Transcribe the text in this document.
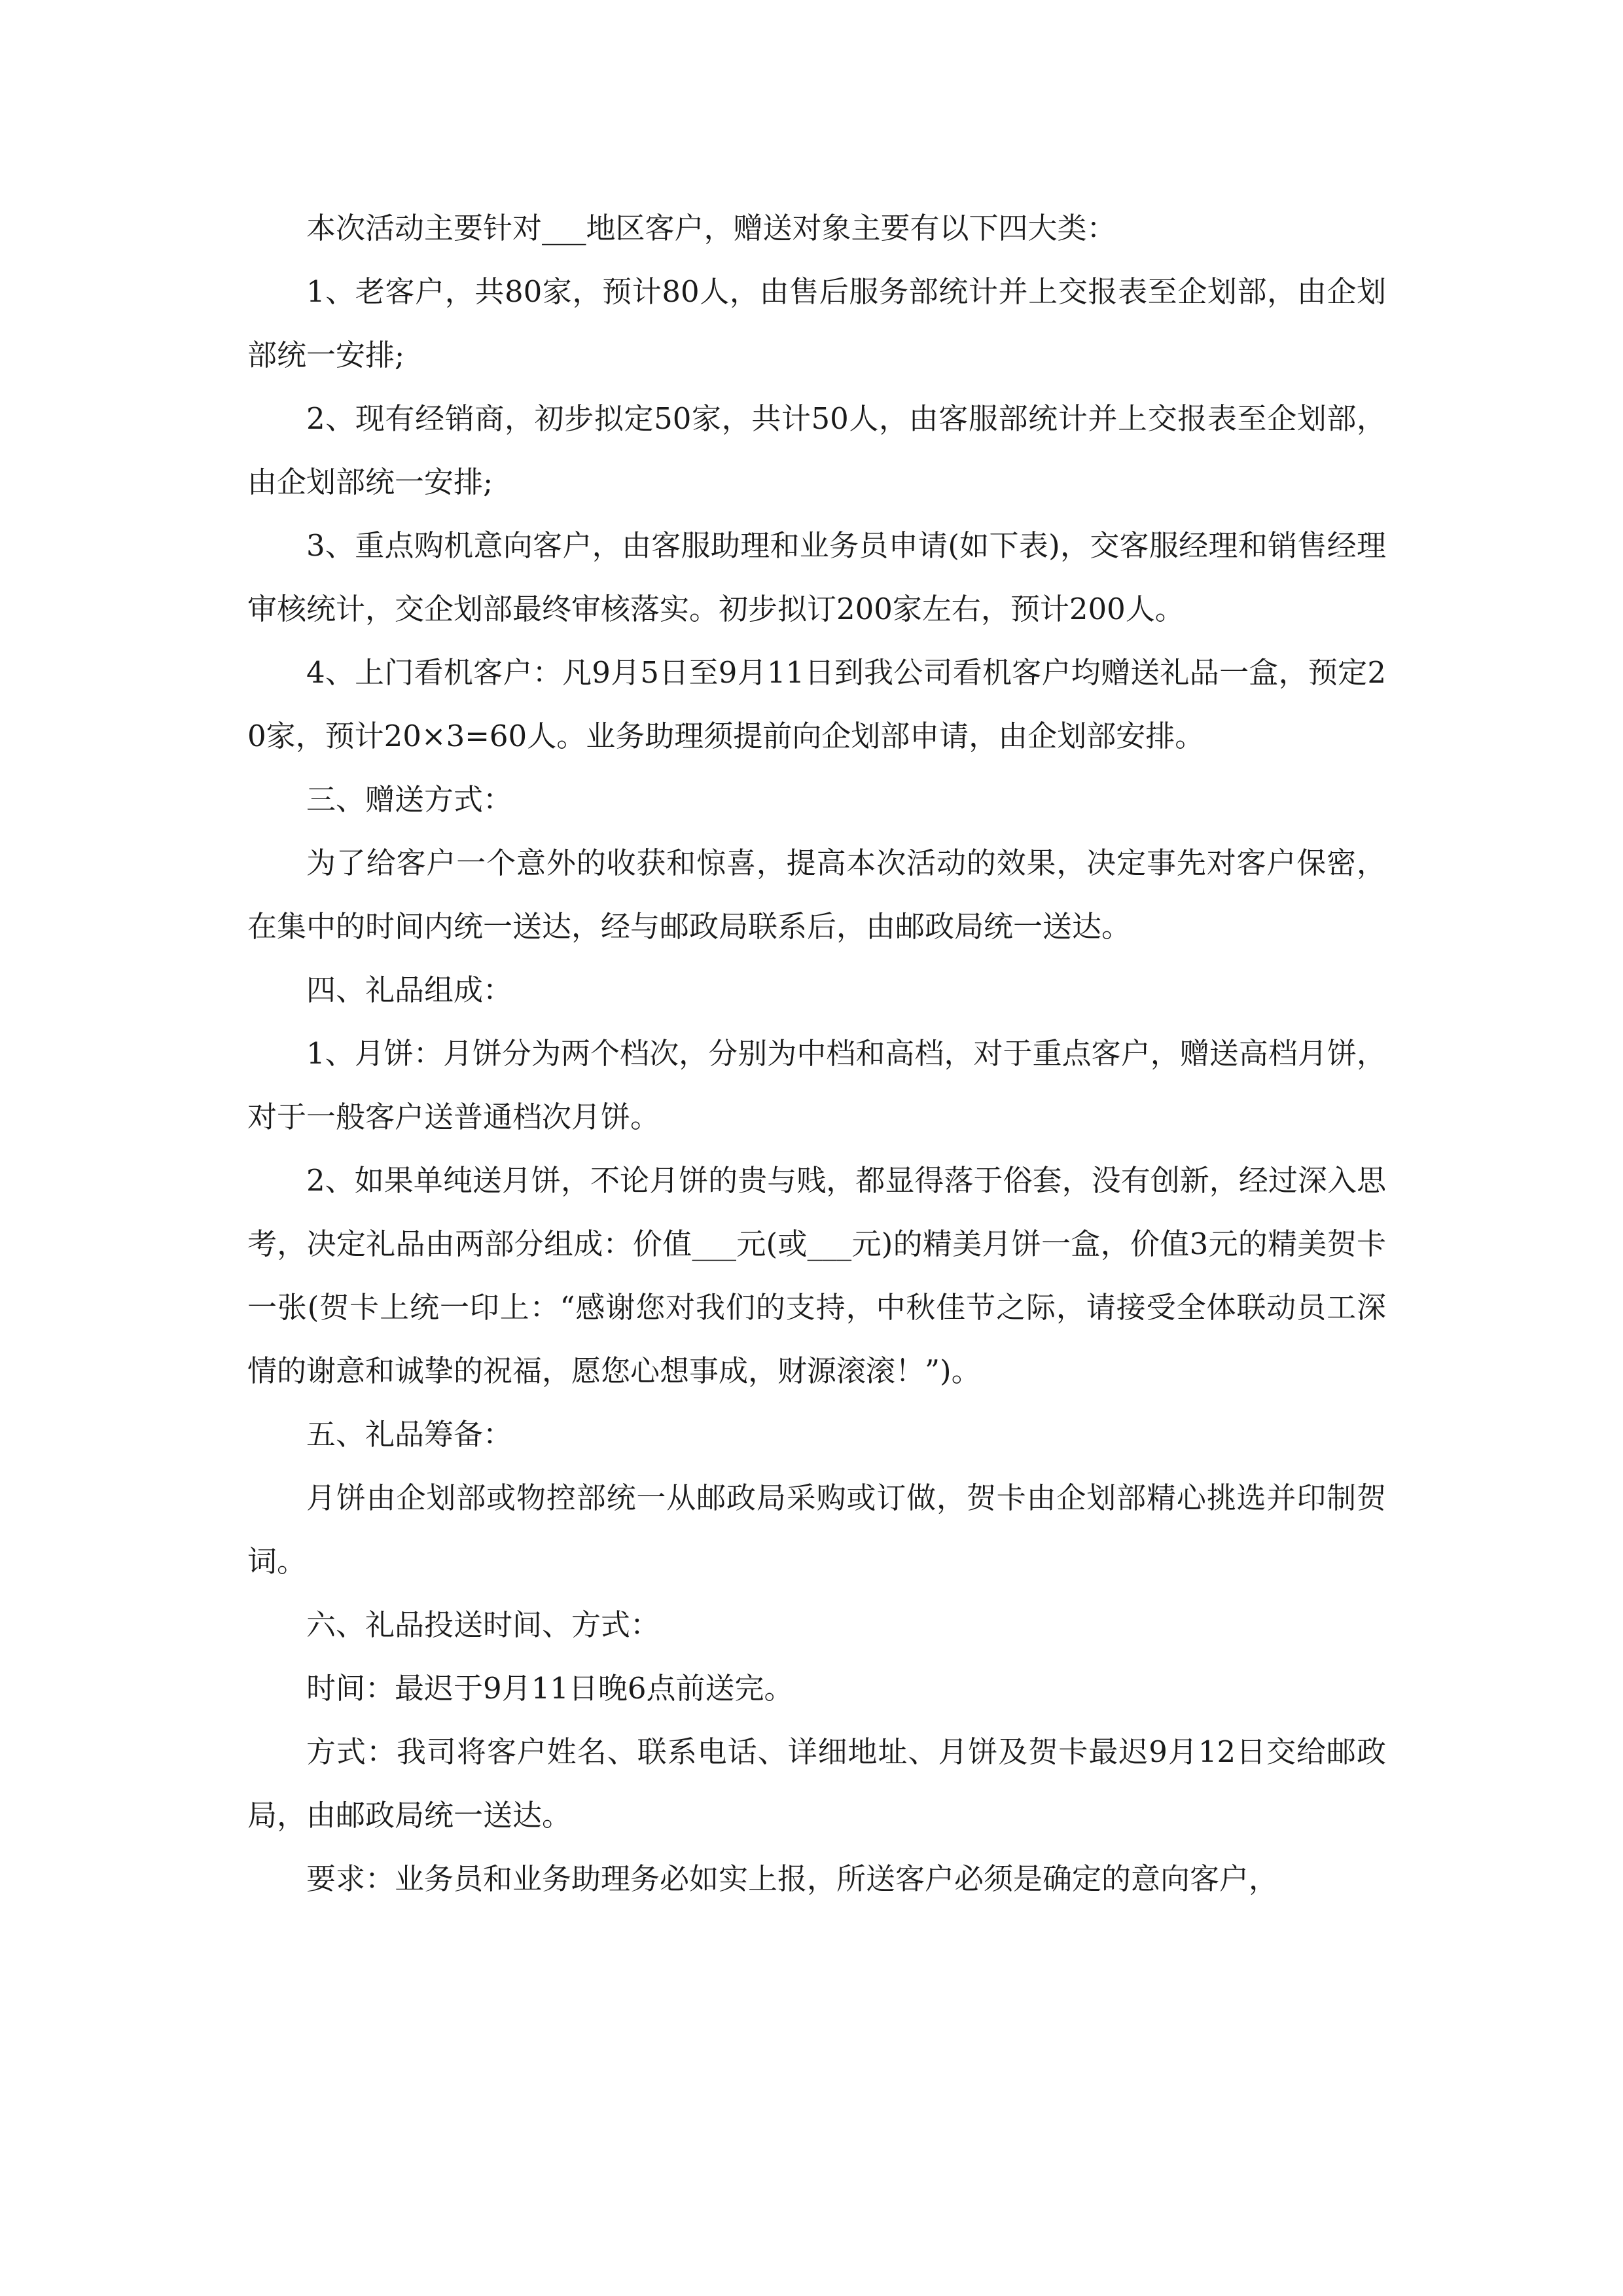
本次活动主要针对___地区客户，赠送对象主要有以下四大类：

1、老客户，共80家，预计80人，由售后服务部统计并上交报表至企划部，由企划部统一安排;

2、现有经销商，初步拟定50家，共计50人，由客服部统计并上交报表至企划部，由企划部统一安排;

3、重点购机意向客户，由客服助理和业务员申请(如下表)，交客服经理和销售经理审核统计，交企划部最终审核落实。初步拟订200家左右，预计200人。

4、上门看机客户：凡9月5日至9月11日到我公司看机客户均赠送礼品一盒，预定20家，预计20×3=60人。业务助理须提前向企划部申请，由企划部安排。

三、赠送方式：

为了给客户一个意外的收获和惊喜，提高本次活动的效果，决定事先对客户保密，在集中的时间内统一送达，经与邮政局联系后，由邮政局统一送达。

四、礼品组成：

1、月饼：月饼分为两个档次，分别为中档和高档，对于重点客户，赠送高档月饼，对于一般客户送普通档次月饼。

2、如果单纯送月饼，不论月饼的贵与贱，都显得落于俗套，没有创新，经过深入思考，决定礼品由两部分组成：价值___元(或___元)的精美月饼一盒，价值3元的精美贺卡一张(贺卡上统一印上：“感谢您对我们的支持，中秋佳节之际，请接受全体联动员工深情的谢意和诚挚的祝福，愿您心想事成，财源滚滚！”)。

五、礼品筹备：

月饼由企划部或物控部统一从邮政局采购或订做，贺卡由企划部精心挑选并印制贺词。

六、礼品投送时间、方式：

时间：最迟于9月11日晚6点前送完。

方式：我司将客户姓名、联系电话、详细地址、月饼及贺卡最迟9月12日交给邮政局，由邮政局统一送达。

要求：业务员和业务助理务必如实上报，所送客户必须是确定的意向客户，
